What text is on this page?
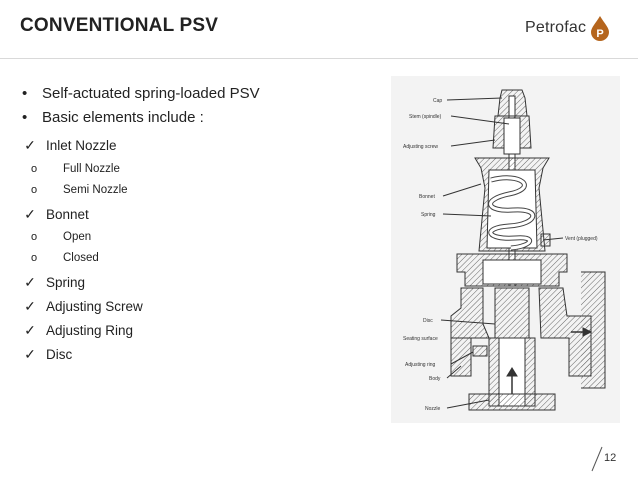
CONVENTIONAL PSV	Petrofac P
• Self-actuated spring-loaded PSV
• Basic elements include :
✓ Inlet Nozzle
o	Full Nozzle
o	Semi Nozzle
✓ Bonnet
o	Open
o	Closed
✓ Spring
✓ Adjusting Screw
✓ Adjusting Ring
✓ Disc
Cap
Stem (spindle)
Adjusting screw
Bonnet
Spring
Vent (plugged)
Disc
Seating surface
Adjusting ring
Body
Nozzle
12
